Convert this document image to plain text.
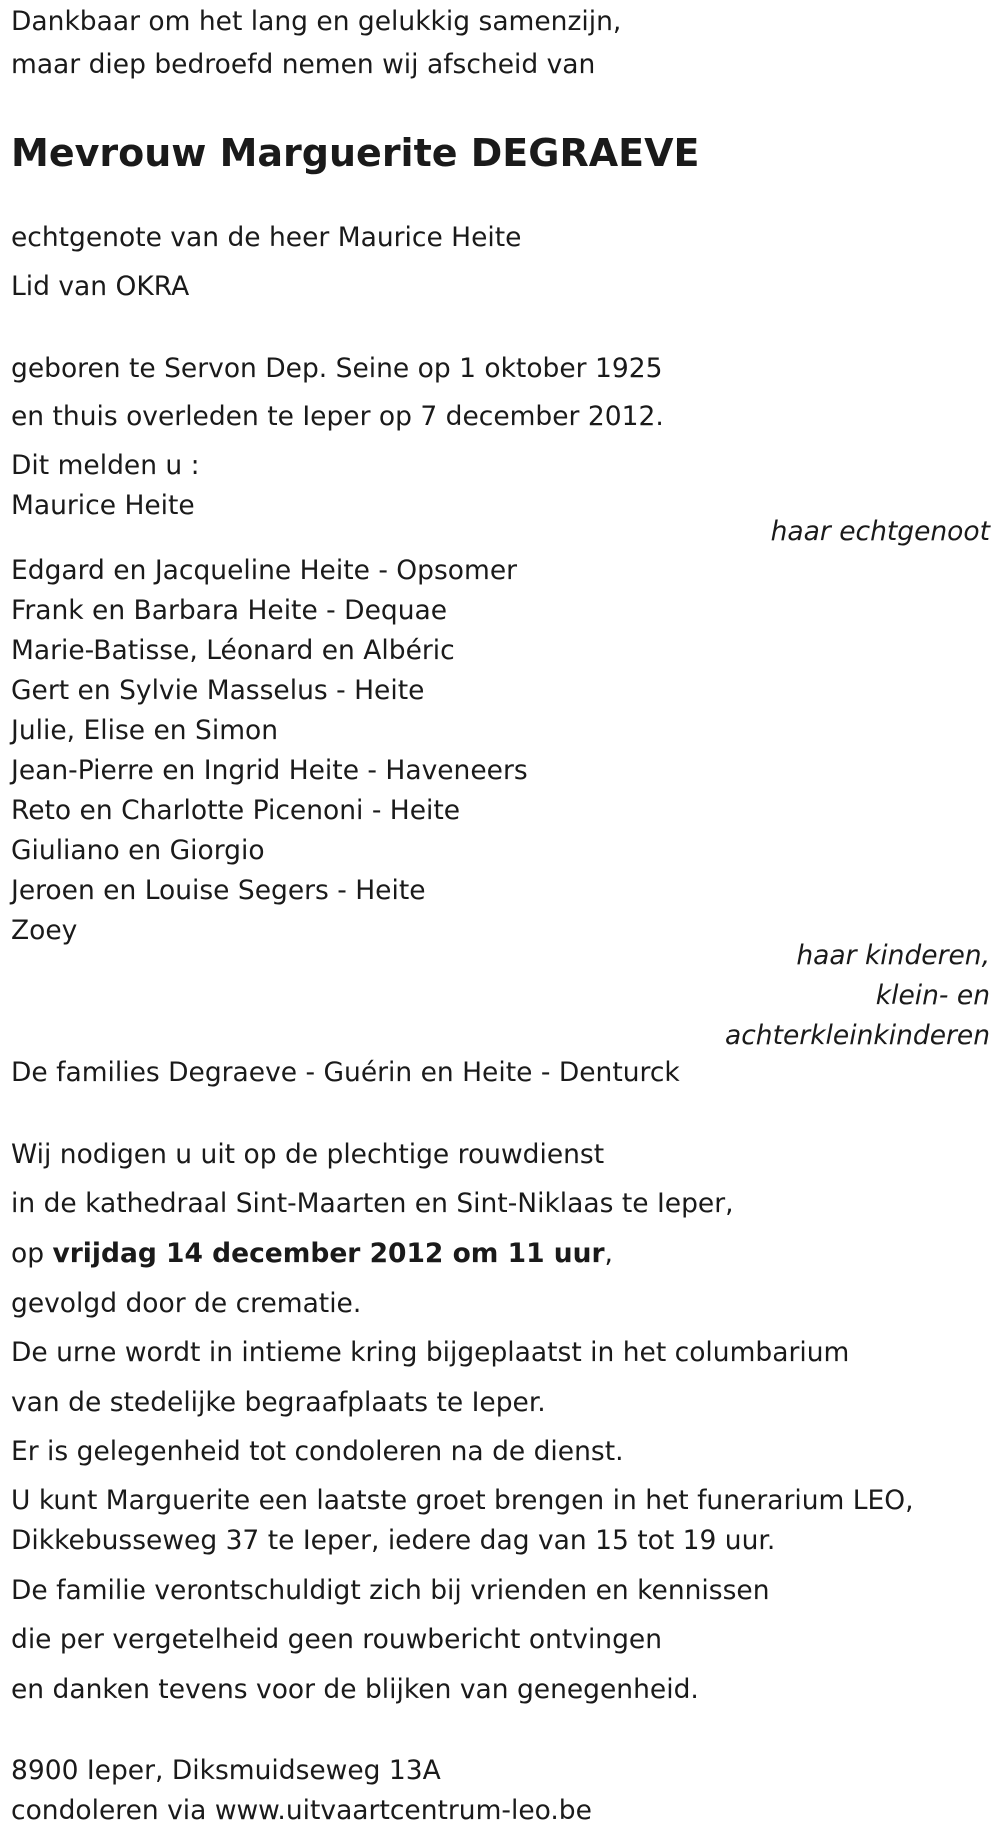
Dankbaar om het lang en gelukkig samenzijn,

maar diep bedroefd nemen wij afscheid van

Mevrouw Marguerite DEGRAEVE

echtgenote van de heer Maurice Heite

Lid van OKRA

geboren te Servon Dep. Seine op 1 oktober 1925

en thuis overleden te Ieper op 7 december 2012.

Dit melden u :

Maurice Heite

haar echtgenoot

Edgard en Jacqueline Heite - Opsomer

Frank en Barbara Heite - Dequae

Marie-Batisse, Léonard en Albéric

Gert en Sylvie Masselus - Heite

Julie, Elise en Simon

Jean-Pierre en Ingrid Heite - Haveneers

Reto en Charlotte Picenoni - Heite

Giuliano en Giorgio

Jeroen en Louise Segers - Heite

Zoey

haar kinderen,

klein- en

achterkleinkinderen

De families Degraeve - Guérin en Heite - Denturck

Wij nodigen u uit op de plechtige rouwdienst

in de kathedraal Sint-Maarten en Sint-Niklaas te Ieper,

op vrijdag 14 december 2012 om 11 uur,

gevolgd door de crematie.

De urne wordt in intieme kring bijgeplaatst in het columbarium

van de stedelijke begraafplaats te Ieper.

Er is gelegenheid tot condoleren na de dienst.

U kunt Marguerite een laatste groet brengen in het funerarium LEO,

Dikkebusseweg 37 te Ieper, iedere dag van 15 tot 19 uur.

De familie verontschuldigt zich bij vrienden en kennissen

die per vergetelheid geen rouwbericht ontvingen

en danken tevens voor de blijken van genegenheid.

8900 Ieper, Diksmuidseweg 13A

condoleren via www.uitvaartcentrum-leo.be
